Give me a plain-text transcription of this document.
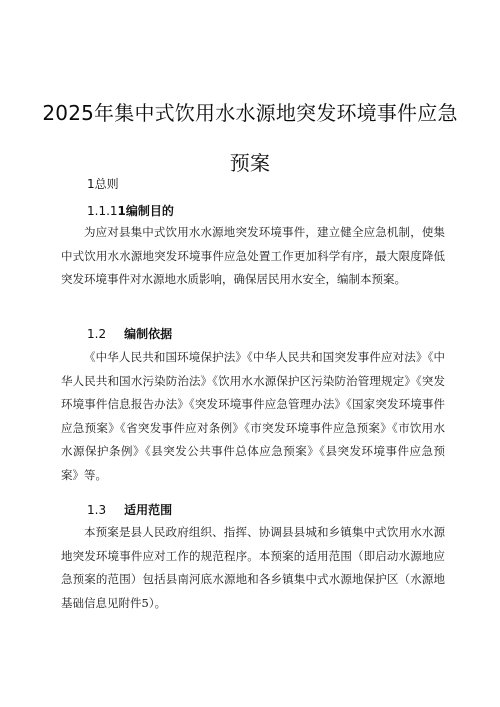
2025年集中式饮用水水源地突发环境事件应急
预案
1总则
1.1.11编制目的
为应对县集中式饮用水水源地突发环境事件，建立健全应急机制，使集中式饮用水水源地突发环境事件应急处置工作更加科学有序，最大限度降低突发环境事件对水源地水质影响，确保居民用水安全，编制本预案。
1.2 编制依据
《中华人民共和国环境保护法》《中华人民共和国突发事件应对法》《中华人民共和国水污染防治法》《饮用水水源保护区污染防治管理规定》《突发环境事件信息报告办法》《突发环境事件应急管理办法》《国家突发环境事件应急预案》《省突发事件应对条例》《市突发环境事件应急预案》《市饮用水水源保护条例》《县突发公共事件总体应急预案》《县突发环境事件应急预案》等。
1.3 适用范围
本预案是县人民政府组织、指挥、协调县县城和乡镇集中式饮用水水源地突发环境事件应对工作的规范程序。本预案的适用范围（即启动水源地应急预案的范围）包括县南河底水源地和各乡镇集中式水源地保护区（水源地基础信息见附件5）。
